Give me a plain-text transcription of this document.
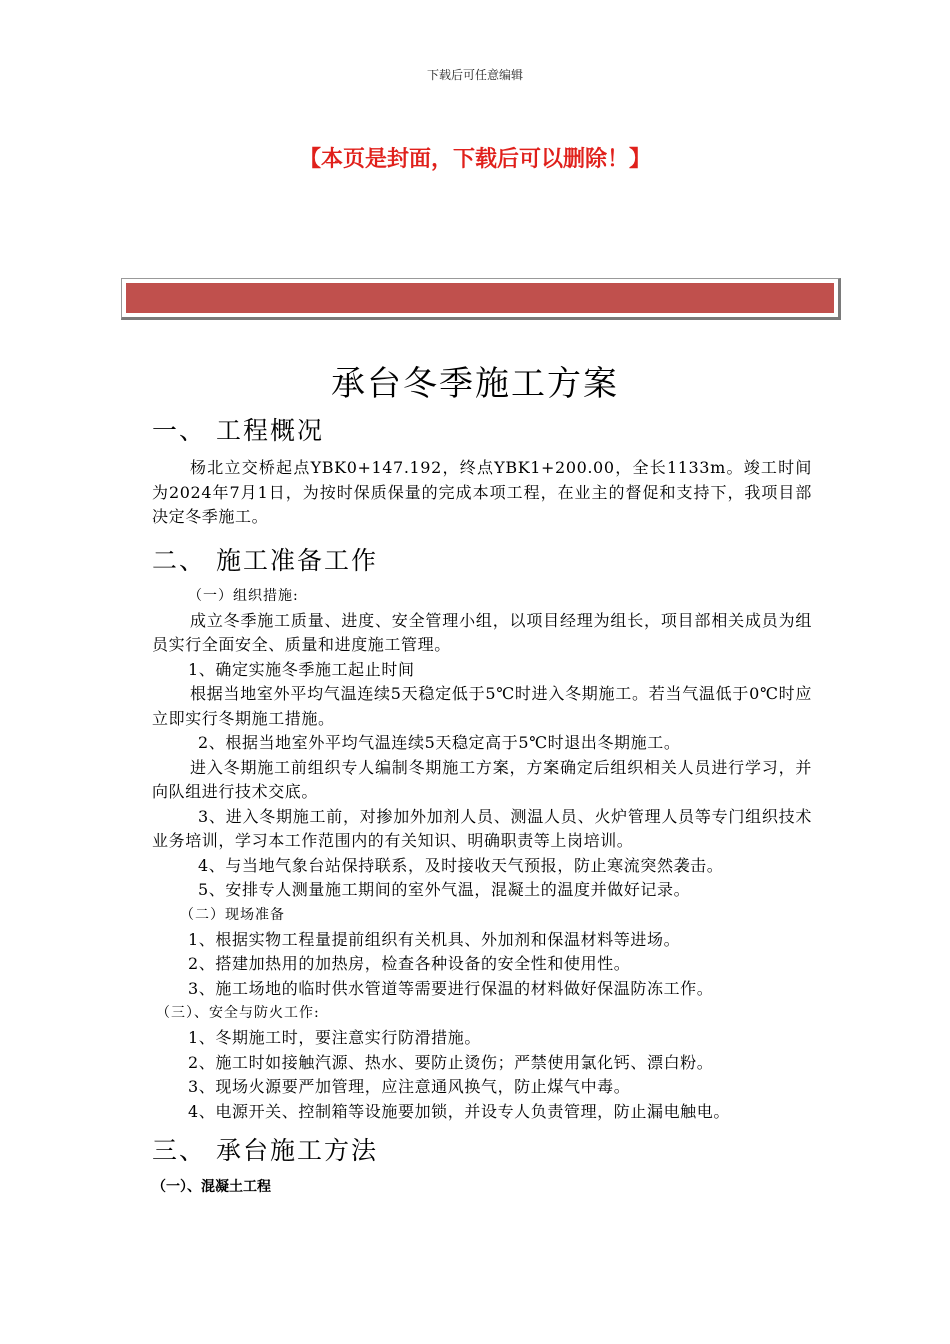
下载后可任意编辑
【本页是封面，下载后可以删除！】
承台冬季施工方案
一、 工程概况

杨北立交桥起点YBK0+147.192，终点YBK1+200.00，全长1133m。竣工时间为2024年7月1日，为按时保质保量的完成本项工程，在业主的督促和支持下，我项目部决定冬季施工。

二、 施工准备工作

（一）组织措施:

成立冬季施工质量、进度、安全管理小组，以项目经理为组长，项目部相关成员为组员实行全面安全、质量和进度施工管理。

1、确定实施冬季施工起止时间

根据当地室外平均气温连续5天稳定低于5℃时进入冬期施工。若当气温低于0℃时应立即实行冬期施工措施。

2、根据当地室外平均气温连续5天稳定高于5℃时退出冬期施工。

进入冬期施工前组织专人编制冬期施工方案，方案确定后组织相关人员进行学习，并向队组进行技术交底。

3、进入冬期施工前，对掺加外加剂人员、测温人员、火炉管理人员等专门组织技术业务培训，学习本工作范围内的有关知识、明确职责等上岗培训。

4、与当地气象台站保持联系，及时接收天气预报，防止寒流突然袭击。

5、安排专人测量施工期间的室外气温，混凝土的温度并做好记录。

（二）现场准备

1、根据实物工程量提前组织有关机具、外加剂和保温材料等进场。

2、搭建加热用的加热房，检查各种设备的安全性和使用性。

3、施工场地的临时供水管道等需要进行保温的材料做好保温防冻工作。

（三）、安全与防火工作:

1、冬期施工时，要注意实行防滑措施。

2、施工时如接触汽源、热水、要防止烫伤；严禁使用氯化钙、漂白粉。

3、现场火源要严加管理，应注意通风换气，防止煤气中毒。

4、电源开关、控制箱等设施要加锁，并设专人负责管理，防止漏电触电。

三、 承台施工方法

（一）、混凝土工程
